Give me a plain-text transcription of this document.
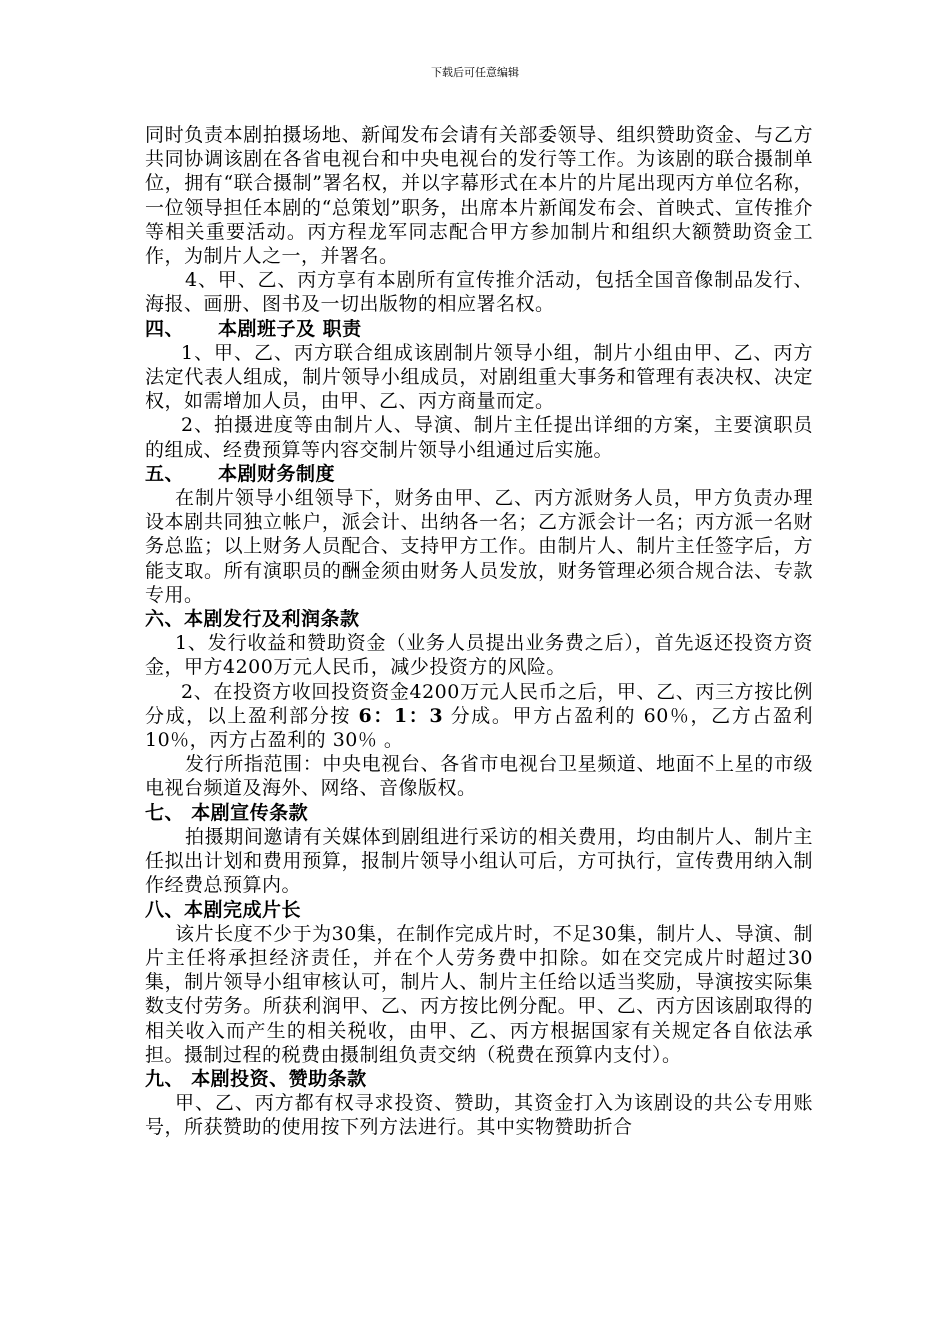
下载后可任意编辑

同时负责本剧拍摄场地、新闻发布会请有关部委领导、组织赞助资金、与乙方共同协调该剧在各省电视台和中央电视台的发行等工作。为该剧的联合摄制单位，拥有“联合摄制”署名权，并以字幕形式在本片的片尾出现丙方单位名称，一位领导担任本剧的“总策划”职务，出席本片新闻发布会、首映式、宣传推介等相关重要活动。丙方程龙军同志配合甲方参加制片和组织大额赞助资金工作，为制片人之一，并署名。

4、甲、乙、丙方享有本剧所有宣传推介活动，包括全国音像制品发行、海报、画册、图书及一切出版物的相应署名权。

四、 本剧班子及 职责

1、甲、乙、丙方联合组成该剧制片领导小组，制片小组由甲、乙、丙方法定代表人组成，制片领导小组成员，对剧组重大事务和管理有表决权、决定权，如需增加人员，由甲、乙、丙方商量而定。

2、拍摄进度等由制片人、导演、制片主任提出详细的方案，主要演职员的组成、经费预算等内容交制片领导小组通过后实施。

五、 本剧财务制度

在制片领导小组领导下，财务由甲、乙、丙方派财务人员，甲方负责办理设本剧共同独立帐户，派会计、出纳各一名；乙方派会计一名；丙方派一名财务总监；以上财务人员配合、支持甲方工作。由制片人、制片主任签字后，方能支取。所有演职员的酬金须由财务人员发放，财务管理必须合规合法、专款专用。

六、本剧发行及利润条款

1、发行收益和赞助资金（业务人员提出业务费之后），首先返还投资方资金，甲方4200万元人民币，减少投资方的风险。

2、在投资方收回投资资金4200万元人民币之后，甲、乙、丙三方按比例分成，以上盈利部分按 6：1：3 分成。甲方占盈利的 60％，乙方占盈利 10％，丙方占盈利的 30％ 。

发行所指范围：中央电视台、各省市电视台卫星频道、地面不上星的市级电视台频道及海外、网络、音像版权。

七、 本剧宣传条款

拍摄期间邀请有关媒体到剧组进行采访的相关费用，均由制片人、制片主任拟出计划和费用预算，报制片领导小组认可后，方可执行，宣传费用纳入制作经费总预算内。

八、本剧完成片长

该片长度不少于为30集，在制作完成片时，不足30集，制片人、导演、制片主任将承担经济责任，并在个人劳务费中扣除。如在交完成片时超过30集，制片领导小组审核认可，制片人、制片主任给以适当奖励，导演按实际集数支付劳务。所获利润甲、乙、丙方按比例分配。甲、乙、丙方因该剧取得的相关收入而产生的相关税收，由甲、乙、丙方根据国家有关规定各自依法承担。摄制过程的税费由摄制组负责交纳（税费在预算内支付）。

九、 本剧投资、赞助条款

甲、乙、丙方都有权寻求投资、赞助，其资金打入为该剧设的共公专用账号，所获赞助的使用按下列方法进行。其中实物赞助折合
